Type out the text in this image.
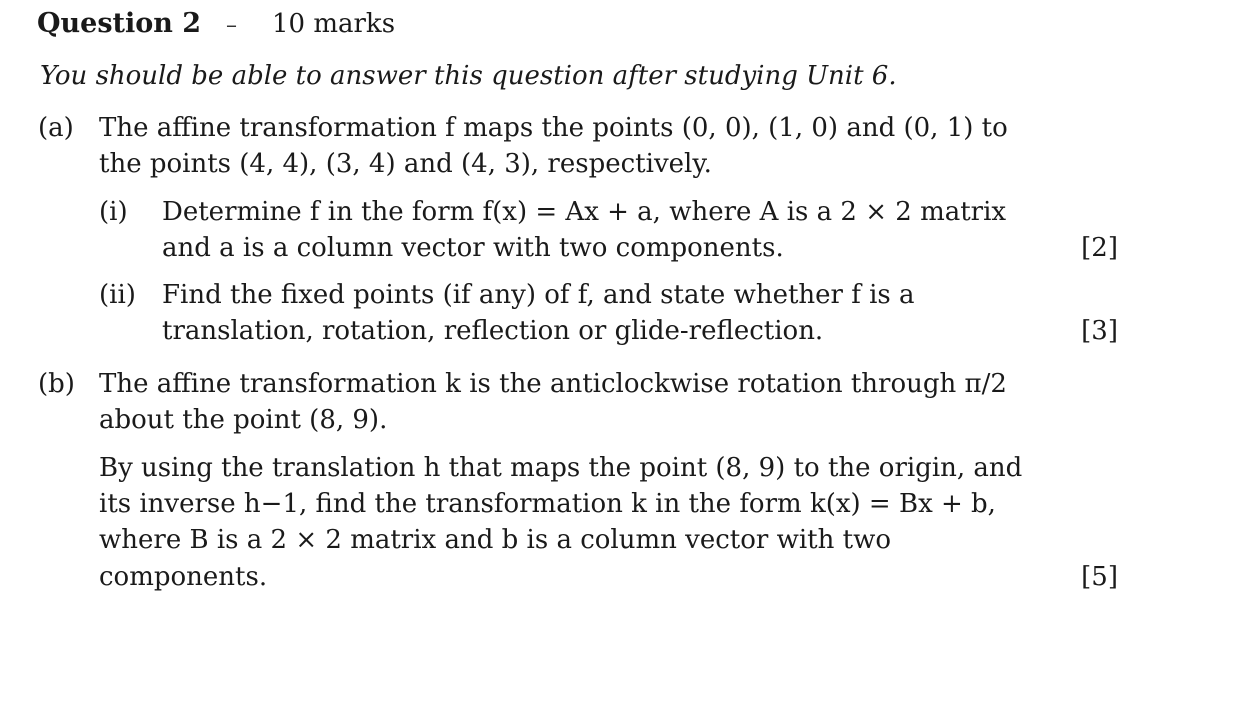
Question 2 – 10 marks
You should be able to answer this question after studying Unit 6.
(a) The affine transformation f maps the points (0, 0), (1, 0) and (0, 1) to
the points (4, 4), (3, 4) and (4, 3), respectively.
(i) Determine f in the form f(x) = Ax + a, where A is a 2 × 2 matrix
and a is a column vector with two components.	[2]
(ii) Find the fixed points (if any) of f, and state whether f is a
translation, rotation, reflection or glide-reflection.	[3]
(b) The affine transformation k is the anticlockwise rotation through π/2
about the point (8, 9).
By using the translation h that maps the point (8, 9) to the origin, and
its inverse h−1, find the transformation k in the form k(x) = Bx + b,
where B is a 2 × 2 matrix and b is a column vector with two
components.	[5]
